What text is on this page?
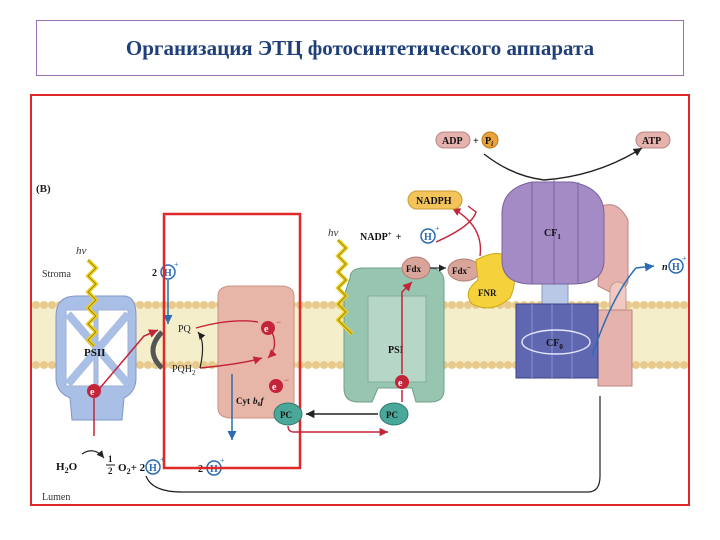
Организация ЭТЦ фотосинтетического аппарата
(B)
Stroma
Lumen
PSII
hν
e
$H_2O$
1
2 $O_2+ 2$ H
+
2 H
+
PQ
$PQH_2$
Cyt $b_6f$
e
−
e
−
2 H
+
PC	PC
PSI
hν
e
Fdx	Fdx−
FNR
NADP+ + H
+
NADPH
$CF_1$
$CF_0$
ADP + $P_i$	ATP
n H
+
